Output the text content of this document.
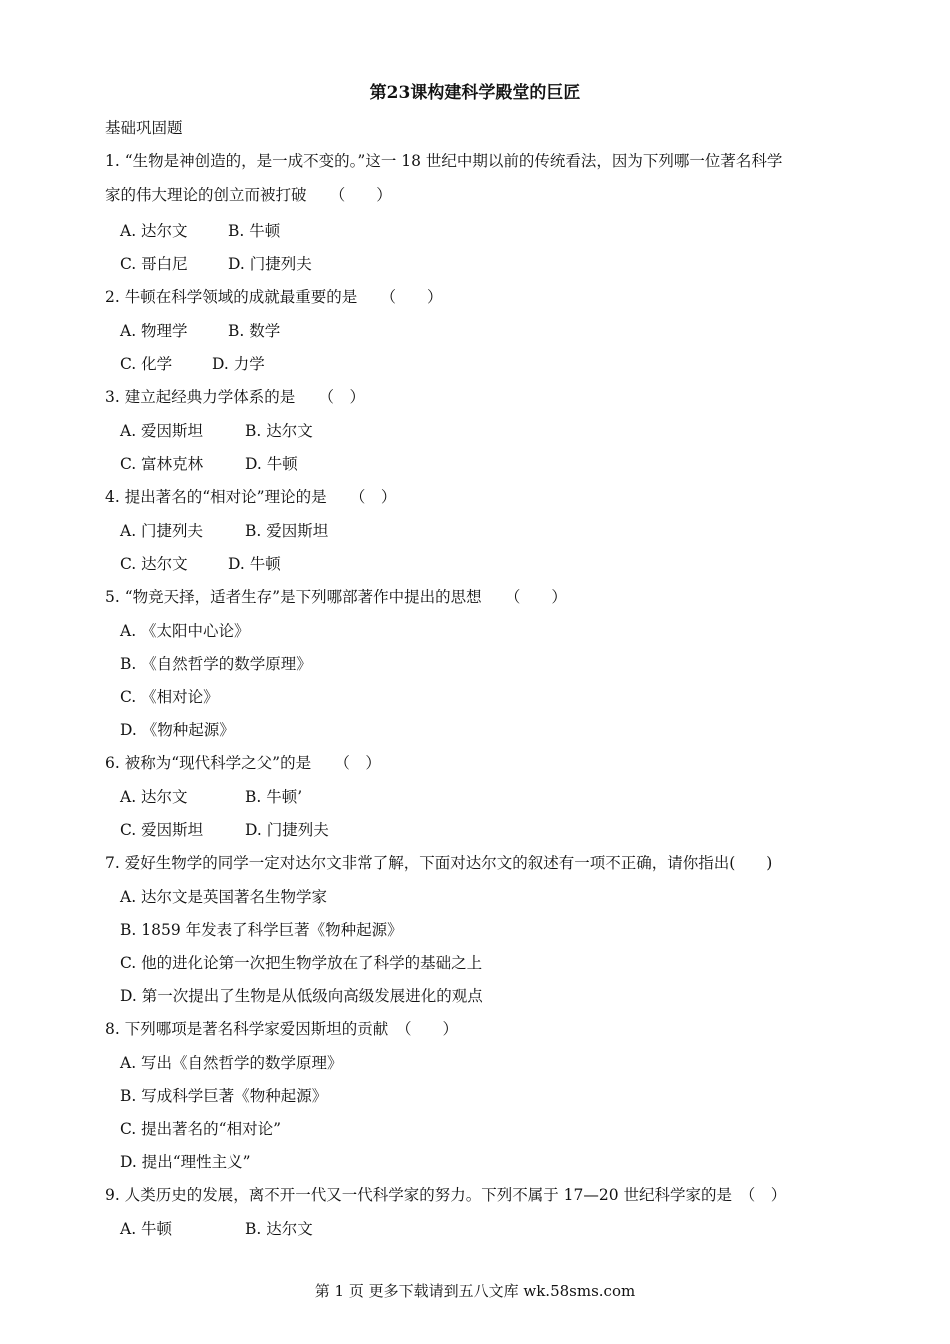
第23课构建科学殿堂的巨匠
基础巩固题
1. “生物是神创造的，是一成不变的。”这一 18 世纪中期以前的传统看法，因为下列哪一位著名科学
家的伟大理论的创立而被打破　　（　　）
A. 达尔文	B. 牛顿
C. 哥白尼	D. 门捷列夫
2. 牛顿在科学领域的成就最重要的是　　（　　）
A. 物理学	B. 数学
C. 化学	D. 力学
3. 建立起经典力学体系的是　　（　）
A. 爱因斯坦	B. 达尔文
C. 富林克林	D. 牛顿
4. 提出著名的“相对论”理论的是　　（　）
A. 门捷列夫	B. 爱因斯坦
C. 达尔文	D. 牛顿
5. “物竞天择，适者生存”是下列哪部著作中提出的思想　　（　　）
A. 《太阳中心论》
B. 《自然哲学的数学原理》
C. 《相对论》
D. 《物种起源》
6. 被称为“现代科学之父”的是　　（　）
A. 达尔文	B. 牛顿’
C. 爱因斯坦	D. 门捷列夫
7. 爱好生物学的同学一定对达尔文非常了解，下面对达尔文的叙述有一项不正确，请你指出(　　)
A. 达尔文是英国著名生物学家
B. 1859 年发表了科学巨著《物种起源》
C. 他的进化论第一次把生物学放在了科学的基础之上
D. 第一次提出了生物是从低级向高级发展进化的观点
8. 下列哪项是著名科学家爱因斯坦的贡献　（　　）
A. 写出《自然哲学的数学原理》
B. 写成科学巨著《物种起源》
C. 提出著名的“相对论”
D. 提出“理性主义”
9. 人类历史的发展，离不开一代又一代科学家的努力。下列不属于 17—20 世纪科学家的是　（　）
A. 牛顿	B. 达尔文
第 1 页 更多下载请到五八文库 wk.58sms.com
